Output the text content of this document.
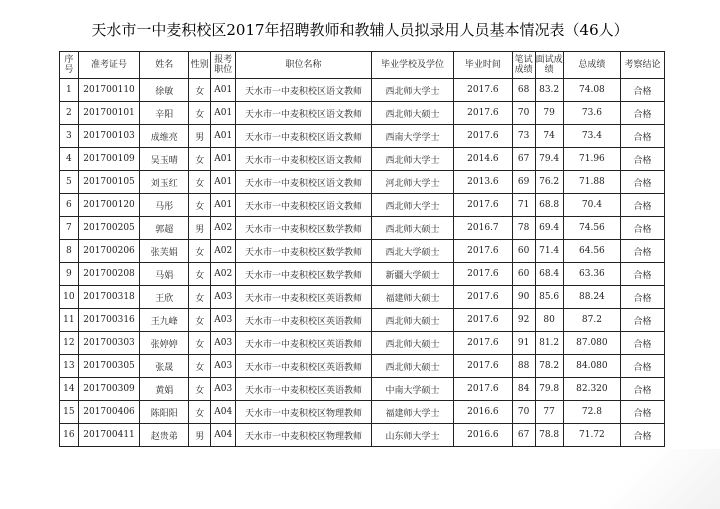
天水市一中麦积校区2017年招聘教师和教辅人员拟录用人员基本情况表（46人）
序号	准考证号	姓名	性别	报考职位	职位名称	毕业学校及学位	毕业时间	笔试成绩	面试成绩	总成绩	考察结论
1	201700110	徐敏	女	A01	天水市一中麦积校区语文教师	西北师大学士	2017.6	68	83.2	74.08	合格
2	201700101	辛阳	女	A01	天水市一中麦积校区语文教师	西北师大硕士	2017.6	70	79	73.6	合格
3	201700103	成维亮	男	A01	天水市一中麦积校区语文教师	西南大学学士	2017.6	73	74	73.4	合格
4	201700109	吴玉晴	女	A01	天水市一中麦积校区语文教师	西北师大学士	2014.6	67	79.4	71.96	合格
5	201700105	刘玉红	女	A01	天水市一中麦积校区语文教师	河北师大学士	2013.6	69	76.2	71.88	合格
6	201700120	马彤	女	A01	天水市一中麦积校区语文教师	西北师大学士	2017.6	71	68.8	70.4	合格
7	201700205	郭超	男	A02	天水市一中麦积校区数学教师	西北师大硕士	2016.7	78	69.4	74.56	合格
8	201700206	张芙娟	女	A02	天水市一中麦积校区数学教师	西北大学硕士	2017.6	60	71.4	64.56	合格
9	201700208	马娟	女	A02	天水市一中麦积校区数学教师	新疆大学硕士	2017.6	60	68.4	63.36	合格
10	201700318	王欣	女	A03	天水市一中麦积校区英语教师	福建师大硕士	2017.6	90	85.6	88.24	合格
11	201700316	王九峰	女	A03	天水市一中麦积校区英语教师	西北师大硕士	2017.6	92	80	87.2	合格
12	201700303	张婷婷	女	A03	天水市一中麦积校区英语教师	西北师大硕士	2017.6	91	81.2	87.080	合格
13	201700305	张晟	女	A03	天水市一中麦积校区英语教师	西北师大硕士	2017.6	88	78.2	84.080	合格
14	201700309	黄娟	女	A03	天水市一中麦积校区英语教师	中南大学硕士	2017.6	84	79.8	82.320	合格
15	201700406	陈阳阳	女	A04	天水市一中麦积校区物理教师	福建师大学士	2016.6	70	77	72.8	合格
16	201700411	赵贵弟	男	A04	天水市一中麦积校区物理教师	山东师大学士	2016.6	67	78.8	71.72	合格
